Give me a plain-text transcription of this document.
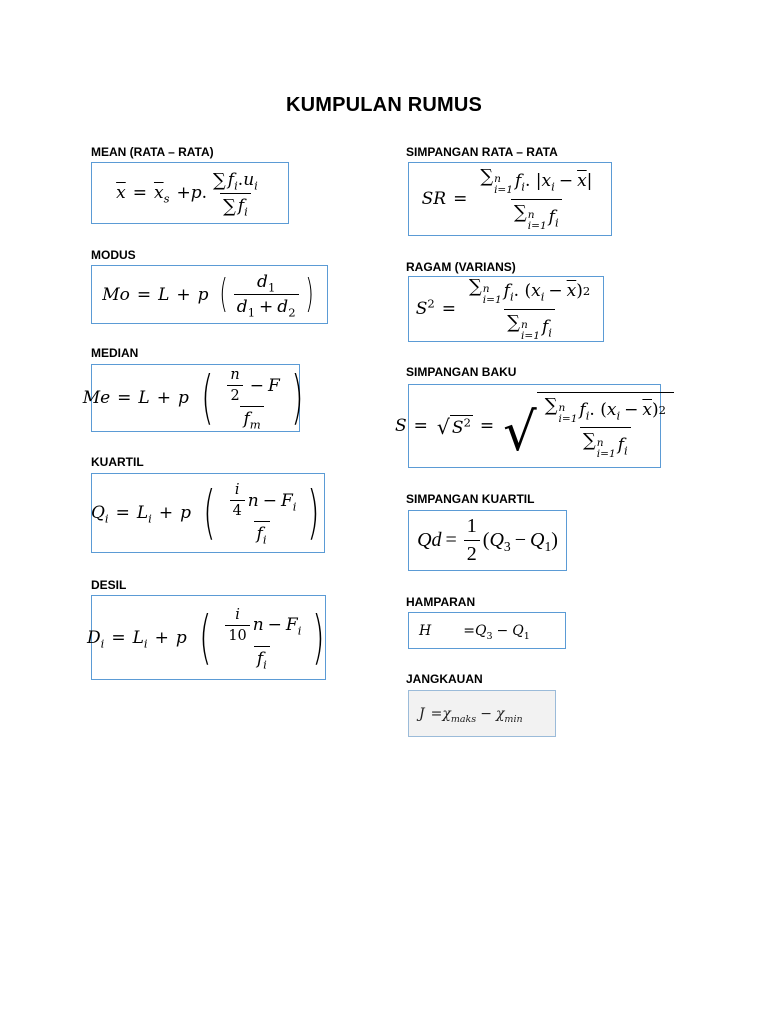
KUMPULAN RUMUS
MEAN (RATA – RATA)
$\overline{x} = \overline{x}_s + p$ . $\frac{\sum f_i . u_i}{\sum f_i}$
MODUS
Mo = L + p ( $\frac{d_1}{d_1 + d_2}$ )
MEDIAN
Me = L + p ( $\frac{\frac{n}{2} - F}{f_m}$ )
KUARTIL
$Q_i = L_i + p$ ( $\frac{\frac{i}{4} n - F_i}{f_i}$ )
DESIL
$D_i = L_i + p$ ( $\frac{\frac{i}{10} n - F_i}{f_i}$ )
SIMPANGAN RATA – RATA
SR = ∑ n
i=1 $f_i$ . | $x_i - \overline{x}$ |
∑ n
i=1 $f_i$
RAGAM (VARIANS)
$S^2$ = ∑ n
i=1 $f_i$ . ( $x_i - \overline{x}$ ) 2
∑ n
i=1 $f_i$
SIMPANGAN BAKU
S = √ $S^2$ = √ ∑ n
i=1 $f_i$ . ( $x_i - \overline{x}$ ) 2
∑ n
i=1 $f_i$
SIMPANGAN KUARTIL
$Qd = \frac{1}{2}$ ( $Q_3 - Q_1$ )
HAMPARAN
$H = Q_3 - Q_1$
JANGKAUAN
$J = \chi_{maks} - \chi_{min}$
